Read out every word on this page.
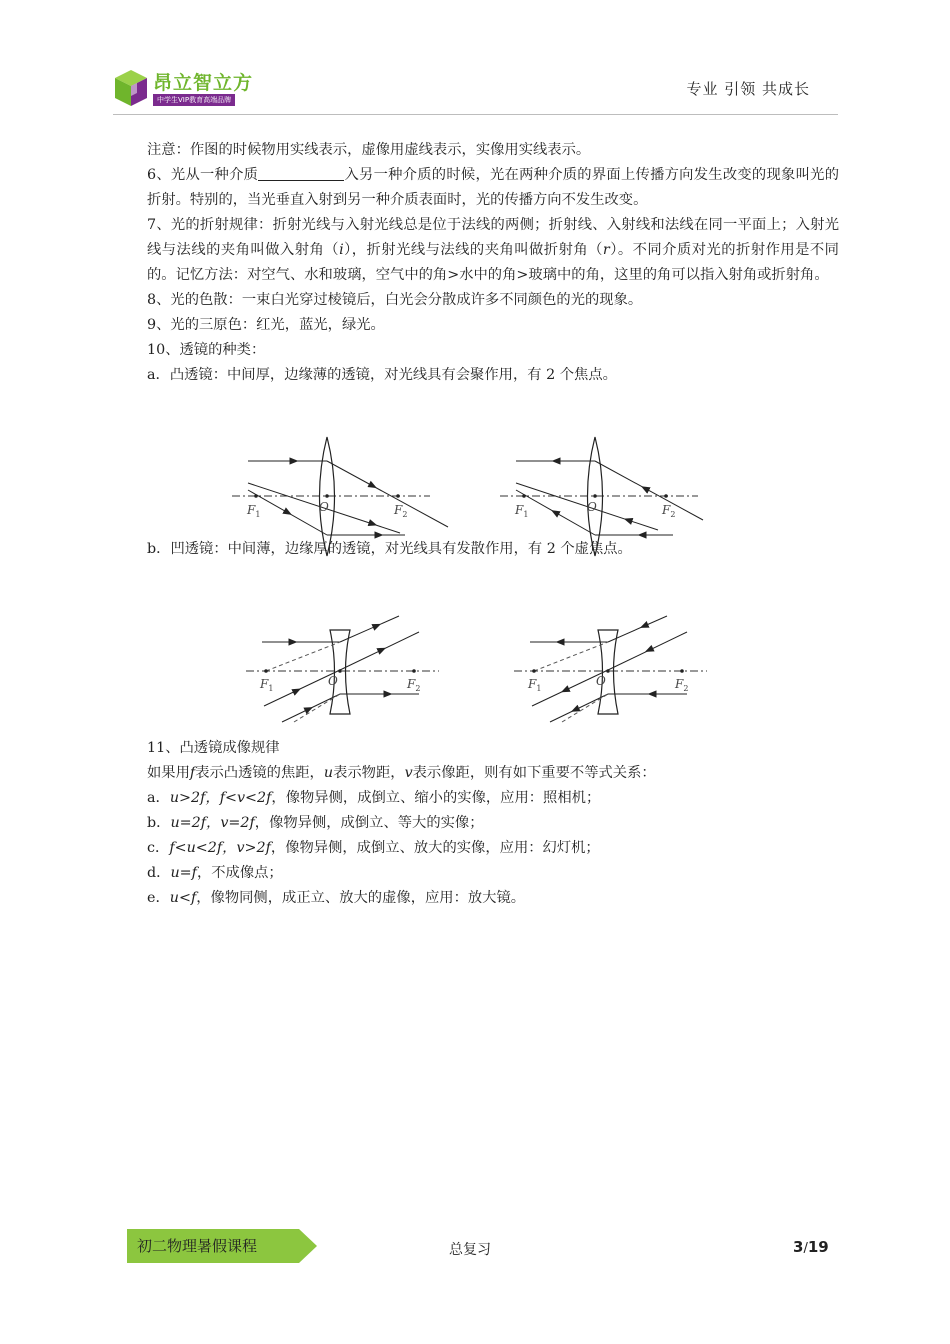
昂立智立方
中学生VIP教育高端品牌
专业 引领 共成长

注意：作图的时候物用实线表示，虚像用虚线表示，实像用实线表示。

6、光从一种介质	入另一种介质的时候，光在两种介质的界面上传播方向发生改变的现象叫光的折射。特别的，当光垂直入射到另一种介质表面时，光的传播方向不发生改变。

7、光的折射规律：折射光线与入射光线总是位于法线的两侧；折射线、入射线和法线在同一平面上；入射光线与法线的夹角叫做入射角（i），折射光线与法线的夹角叫做折射角（r）。不同介质对光的折射作用是不同的。记忆方法：对空气、水和玻璃，空气中的角>水中的角>玻璃中的角，这里的角可以指入射角或折射角。

8、光的色散：一束白光穿过棱镜后，白光会分散成许多不同颜色的光的现象。

9、光的三原色：红光，蓝光，绿光。

10、透镜的种类：

a．凸透镜：中间厚，边缘薄的透镜，对光线具有会聚作用，有 2 个焦点。

b．凹透镜：中间薄，边缘厚的透镜，对光线具有发散作用，有 2 个虚焦点。

11、凸透镜成像规律

如果用f表示凸透镜的焦距，u表示物距，v表示像距，则有如下重要不等式关系：

a．u>2f，f<v<2f，像物异侧，成倒立、缩小的实像，应用：照相机；

b．u=2f，v=2f，像物异侧，成倒立、等大的实像；

c．f<u<2f，v>2f，像物异侧，成倒立、放大的实像，应用：幻灯机；

d．u=f，不成像点；

e．u<f，像物同侧，成正立、放大的虚像，应用：放大镜。

$F_1$
O	$F_2$	$F_1$
O	$F_2$
$F_1$
O	$F_2$	$F_1$
O	$F_2$
初二物理暑假课程	总复习	3/19
